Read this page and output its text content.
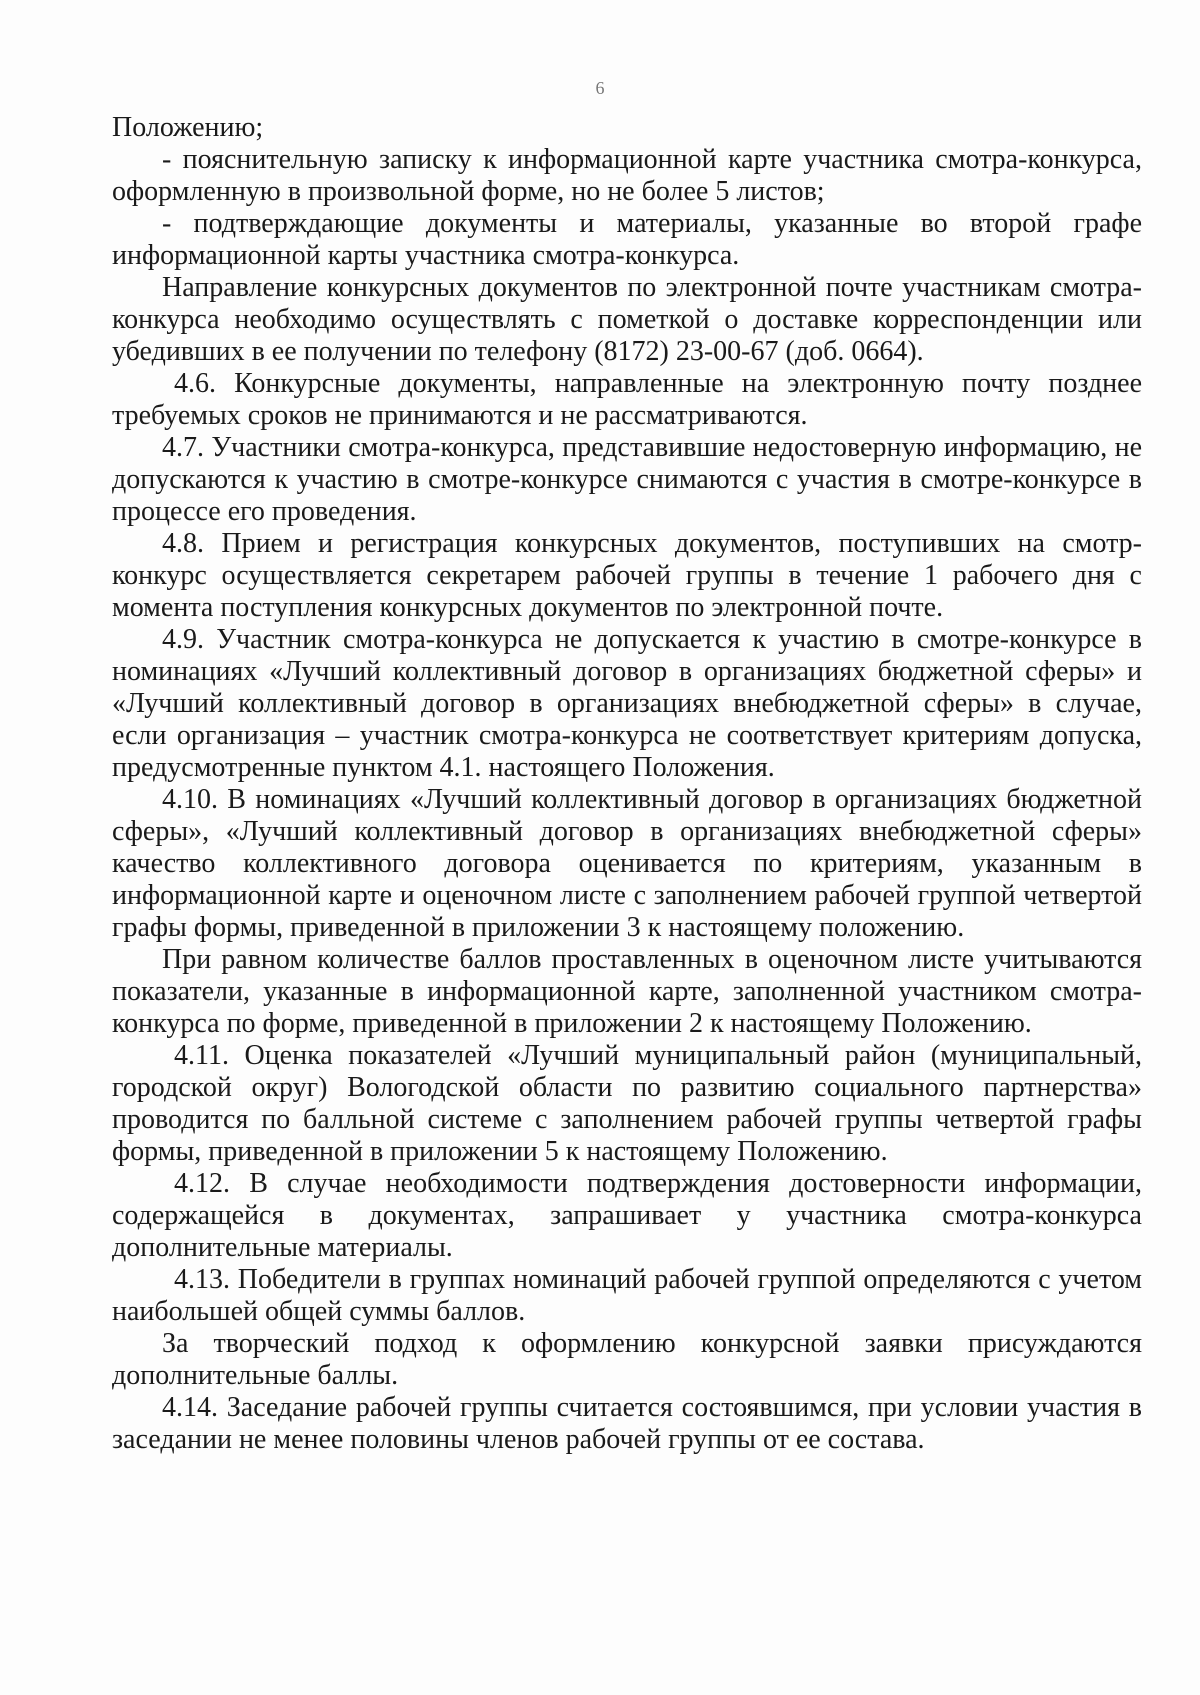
6

Положению;

- пояснительную записку к информационной карте участника смотра-конкурса, оформленную в произвольной форме, но не более 5 листов;

- подтверждающие документы и материалы, указанные во второй графе информационной карты участника смотра-конкурса.

Направление конкурсных документов по электронной почте участникам смотра-конкурса необходимо осуществлять с пометкой о доставке корреспонденции или убедивших в ее получении по телефону (8172) 23-00-67 (доб. 0664).

4.6. Конкурсные документы, направленные на электронную почту позднее требуемых сроков не принимаются и не рассматриваются.

4.7. Участники смотра-конкурса, представившие недостоверную информацию, не допускаются к участию в смотре-конкурсе снимаются с участия в смотре-конкурсе в процессе его проведения.

4.8. Прием и регистрация конкурсных документов, поступивших на смотр-конкурс осуществляется секретарем рабочей группы в течение 1 рабочего дня с момента поступления конкурсных документов по электронной почте.

4.9. Участник смотра-конкурса не допускается к участию в смотре-конкурсе в номинациях «Лучший коллективный договор в организациях бюджетной сферы» и «Лучший коллективный договор в организациях внебюджетной сферы» в случае, если организация – участник смотра-конкурса не соответствует критериям допуска, предусмотренные пунктом 4.1. настоящего Положения.

4.10. В номинациях «Лучший коллективный договор в организациях бюджетной сферы», «Лучший коллективный договор в организациях внебюджетной сферы» качество коллективного договора оценивается по критериям, указанным в информационной карте и оценочном листе с заполнением рабочей группой четвертой графы формы, приведенной в приложении 3 к настоящему положению.

При равном количестве баллов проставленных в оценочном листе учитываются показатели, указанные в информационной карте, заполненной участником смотра-конкурса по форме, приведенной в приложении 2 к настоящему Положению.

4.11. Оценка показателей «Лучший муниципальный район (муниципальный, городской округ) Вологодской области по развитию социального партнерства» проводится по балльной системе с заполнением рабочей группы четвертой графы формы, приведенной в приложении 5 к настоящему Положению.

4.12. В случае необходимости подтверждения достоверности информации, содержащейся в документах, запрашивает у участника смотра-конкурса дополнительные материалы.

4.13. Победители в группах номинаций рабочей группой определяются с учетом наибольшей общей суммы баллов.

За творческий подход к оформлению конкурсной заявки присуждаются дополнительные баллы.

4.14. Заседание рабочей группы считается состоявшимся, при условии участия в заседании не менее половины членов рабочей группы от ее состава.
